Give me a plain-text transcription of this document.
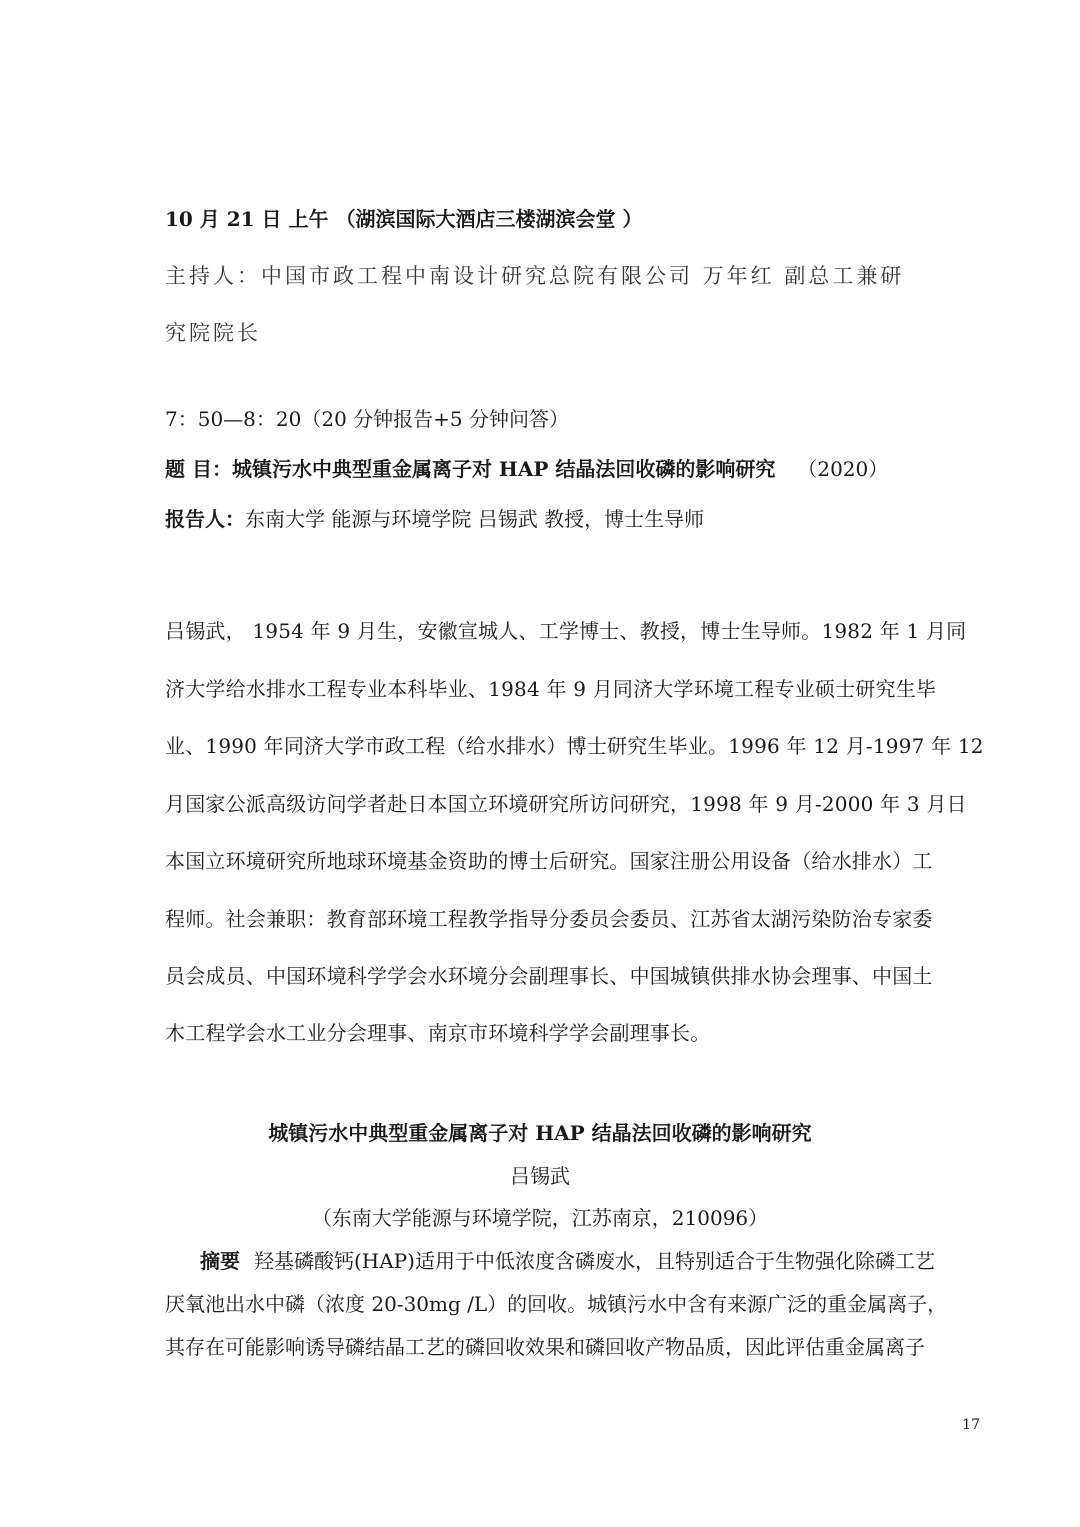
10 月 21 日 上午 （湖滨国际大酒店三楼湖滨会堂 ）
主持人：中国市政工程中南设计研究总院有限公司 万年红 副总工兼研
究院院长
7：50—8：20（20 分钟报告+5 分钟问答）
题 目：城镇污水中典型重金属离子对 HAP 结晶法回收磷的影响研究 （2020）
报告人：东南大学 能源与环境学院 吕锡武 教授，博士生导师
吕锡武， 1954 年 9 月生，安徽宣城人、工学博士、教授，博士生导师。1982 年 1 月同
济大学给水排水工程专业本科毕业、1984 年 9 月同济大学环境工程专业硕士研究生毕
业、1990 年同济大学市政工程（给水排水）博士研究生毕业。1996 年 12 月-1997 年 12
月国家公派高级访问学者赴日本国立环境研究所访问研究，1998 年 9 月-2000 年 3 月日
本国立环境研究所地球环境基金资助的博士后研究。国家注册公用设备（给水排水）工
程师。社会兼职：教育部环境工程教学指导分委员会委员、江苏省太湖污染防治专家委
员会成员、中国环境科学学会水环境分会副理事长、中国城镇供排水协会理事、中国土
木工程学会水工业分会理事、南京市环境科学学会副理事长。
城镇污水中典型重金属离子对 HAP 结晶法回收磷的影响研究
吕锡武
（东南大学能源与环境学院，江苏南京，210096）
摘要 羟基磷酸钙(HAP)适用于中低浓度含磷废水，且特别适合于生物强化除磷工艺
厌氧池出水中磷（浓度 20-30mg /L）的回收。城镇污水中含有来源广泛的重金属离子，
其存在可能影响诱导磷结晶工艺的磷回收效果和磷回收产物品质，因此评估重金属离子
17
